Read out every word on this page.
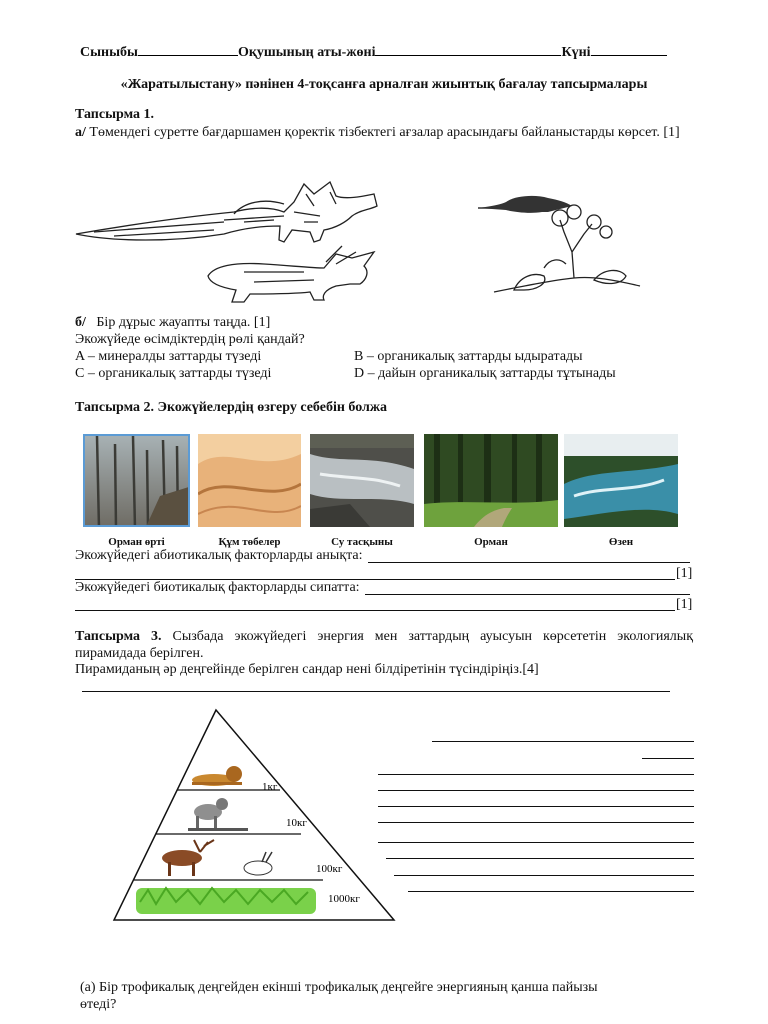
Сыныбы	Оқушының аты-жөні	Күні
«Жаратылыстану» пәнінен 4-тоқсанға арналған жиынтық бағалау тапсырмалары
Тапсырма 1.
а/ Төмендегі суретте бағдаршамен қоректік тізбектегі ағзалар арасындағы байланыстарды көрсет. [1]
б/ Бір дұрыс жауапты таңда. [1]
Экожүйеде өсімдіктердің рөлі қандай?
A – минералды заттарды түзеді	B – органикалық заттарды ыдыратады
C – органикалық заттарды түзеді	D – дайын органикалық заттарды тұтынады
Тапсырма 2. Экожүйелердің өзгеру себебін болжа
Орман өрті	Құм төбелер	Су тасқыны	Орман	Өзен
Экожүйедегі абиотикалық факторларды анықта:
[1]
Экожүйедегі биотикалық факторларды сипатта:
[1]
Тапсырма 3. Сызбада экожүйедегі энергия мен заттардың ауысуын көрсететін экологиялық пирамидада берілген.
Пирамиданың әр деңгейінде берілген сандар нені білдіретінін түсіндіріңіз.[4]
1кг
10кг
100кг
1000кг
(а) Бір трофикалық деңгейден екінші трофикалық деңгейге энергияның қанша пайызы
өтеді?
